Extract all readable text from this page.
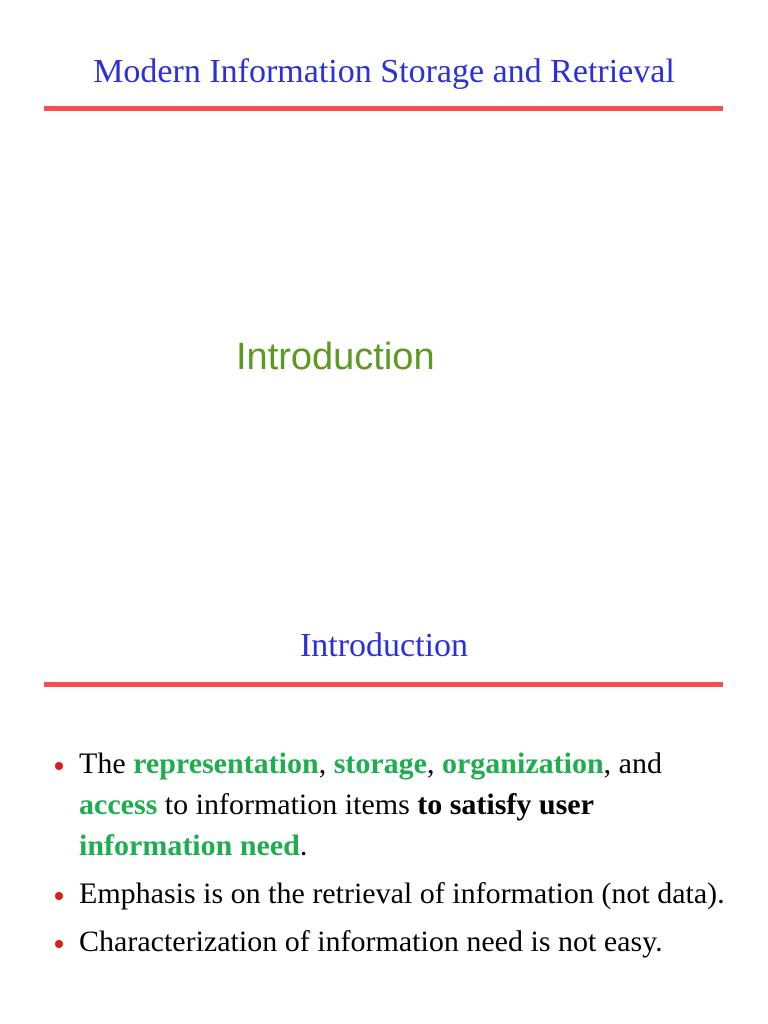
Modern Information Storage and Retrieval
Introduction
Introduction
The representation, storage, organization, and access to information items to satisfy user information need.
Emphasis is on the retrieval of information (not data).
Characterization of information need is not easy.
